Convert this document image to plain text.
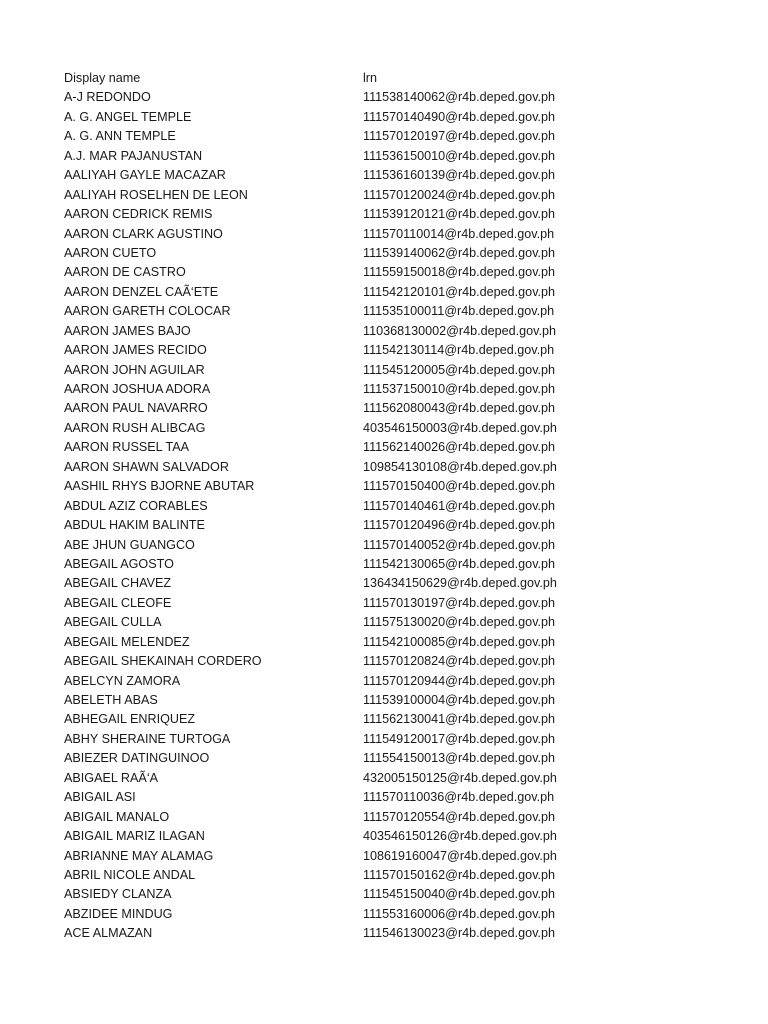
Display name	lrn
A-J REDONDO	111538140062@r4b.deped.gov.ph
A. G. ANGEL TEMPLE	111570140490@r4b.deped.gov.ph
A. G. ANN TEMPLE	111570120197@r4b.deped.gov.ph
A.J. MAR PAJANUSTAN	111536150010@r4b.deped.gov.ph
AALIYAH GAYLE MACAZAR	111536160139@r4b.deped.gov.ph
AALIYAH ROSELHEN DE LEON	111570120024@r4b.deped.gov.ph
AARON CEDRICK REMIS	111539120121@r4b.deped.gov.ph
AARON CLARK AGUSTINO	111570110014@r4b.deped.gov.ph
AARON CUETO	111539140062@r4b.deped.gov.ph
AARON DE CASTRO	111559150018@r4b.deped.gov.ph
AARON DENZEL CAÃ‘ETE	111542120101@r4b.deped.gov.ph
AARON GARETH COLOCAR	111535100011@r4b.deped.gov.ph
AARON JAMES BAJO	110368130002@r4b.deped.gov.ph
AARON JAMES RECIDO	111542130114@r4b.deped.gov.ph
AARON JOHN AGUILAR	111545120005@r4b.deped.gov.ph
AARON JOSHUA ADORA	111537150010@r4b.deped.gov.ph
AARON PAUL NAVARRO	111562080043@r4b.deped.gov.ph
AARON RUSH ALIBCAG	403546150003@r4b.deped.gov.ph
AARON RUSSEL TAA	111562140026@r4b.deped.gov.ph
AARON SHAWN SALVADOR	109854130108@r4b.deped.gov.ph
AASHIL RHYS BJORNE ABUTAR	111570150400@r4b.deped.gov.ph
ABDUL AZIZ CORABLES	111570140461@r4b.deped.gov.ph
ABDUL HAKIM BALINTE	111570120496@r4b.deped.gov.ph
ABE JHUN GUANGCO	111570140052@r4b.deped.gov.ph
ABEGAIL AGOSTO	111542130065@r4b.deped.gov.ph
ABEGAIL CHAVEZ	136434150629@r4b.deped.gov.ph
ABEGAIL CLEOFE	111570130197@r4b.deped.gov.ph
ABEGAIL CULLA	111575130020@r4b.deped.gov.ph
ABEGAIL MELENDEZ	111542100085@r4b.deped.gov.ph
ABEGAIL SHEKAINAH CORDERO	111570120824@r4b.deped.gov.ph
ABELCYN ZAMORA	111570120944@r4b.deped.gov.ph
ABELETH ABAS	111539100004@r4b.deped.gov.ph
ABHEGAIL ENRIQUEZ	111562130041@r4b.deped.gov.ph
ABHY SHERAINE TURTOGA	111549120017@r4b.deped.gov.ph
ABIEZER DATINGUINOO	111554150013@r4b.deped.gov.ph
ABIGAEL RAÃ‘A	432005150125@r4b.deped.gov.ph
ABIGAIL ASI	111570110036@r4b.deped.gov.ph
ABIGAIL MANALO	111570120554@r4b.deped.gov.ph
ABIGAIL MARIZ ILAGAN	403546150126@r4b.deped.gov.ph
ABRIANNE MAY ALAMAG	108619160047@r4b.deped.gov.ph
ABRIL NICOLE ANDAL	111570150162@r4b.deped.gov.ph
ABSIEDY CLANZA	111545150040@r4b.deped.gov.ph
ABZIDEE MINDUG	111553160006@r4b.deped.gov.ph
ACE ALMAZAN	111546130023@r4b.deped.gov.ph
